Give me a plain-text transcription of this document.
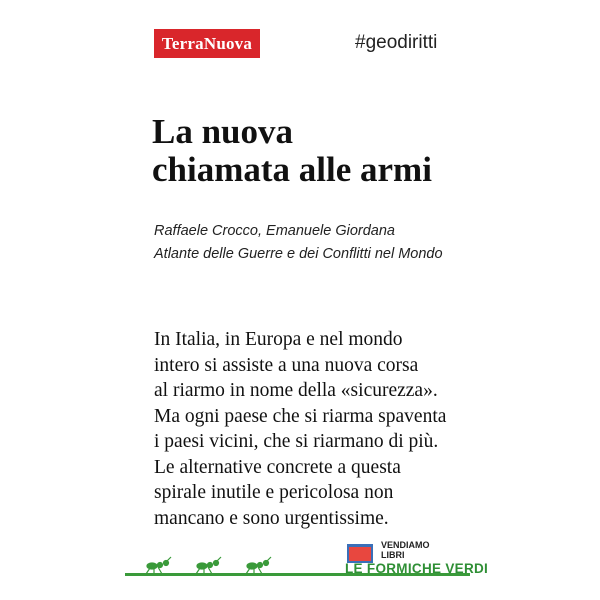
TerraNuova	#geodiritti
La nuova
chiamata alle armi
Raffaele Crocco, Emanuele Giordana
Atlante delle Guerre e dei Conflitti nel Mondo
In Italia, in Europa e nel mondo
intero si assiste a una nuova corsa
al riarmo in nome della «sicurezza».
Ma ogni paese che si riarma spaventa
i paesi vicini, che si riarmano di più.
Le alternative concrete a questa
spirale inutile e pericolosa non
mancano e sono urgentissime.
VENDIAMO
LIBRI
LE FORMICHE VERDI
